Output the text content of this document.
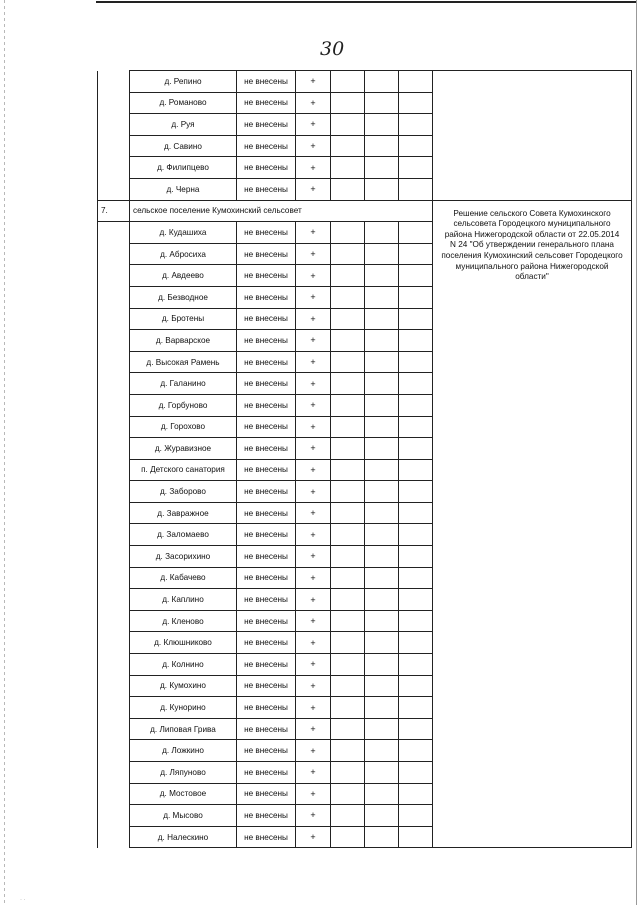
30
	д. Репино	не внесены	+				
	д. Романово	не внесены	+				
	д. Руя	не внесены	+				
	д. Савино	не внесены	+				
	д. Филипцево	не внесены	+				
	д. Черна	не внесены	+				
7.	сельское поселение Кумохинский сельсовет						Решение сельского Совета Кумохинского сельсовета Городецкого муниципального района Нижегородской области от 22.05.2014 N 24 "Об утверждении генерального плана поселения Кумохинский сельсовет Городецкого муниципального района Нижегородской области"

	д. Кудашиха	не внесены	+				
	д. Абросиха	не внесены	+				
	д. Авдеево	не внесены	+				
	д. Безводное	не внесены	+				
	д. Бротены	не внесены	+				
	д. Варварское	не внесены	+				
	д. Высокая Рамень	не внесены	+				
	д. Галанино	не внесены	+				
	д. Горбуново	не внесены	+				
	д. Горохово	не внесены	+				
	д. Журавизное	не внесены	+				
	п. Детского санатория	не внесены	+				
	д. Заборово	не внесены	+				
	д. Завражное	не внесены	+				
	д. Заломаево	не внесены	+				
	д. Засорихино	не внесены	+				
	д. Кабачево	не внесены	+				
	д. Каплино	не внесены	+				
	д. Кленово	не внесены	+				
	д. Клюшниково	не внесены	+				
	д. Колнино	не внесены	+				
	д. Кумохино	не внесены	+				
	д. Кунорино	не внесены	+				
	д. Липовая Грива	не внесены	+				
	д. Ложкино	не внесены	+				
	д. Ляпуново	не внесены	+				
	д. Мостовое	не внесены	+				
	д. Мысово	не внесены	+				
	д. Налескино	не внесены	+				
· ·
